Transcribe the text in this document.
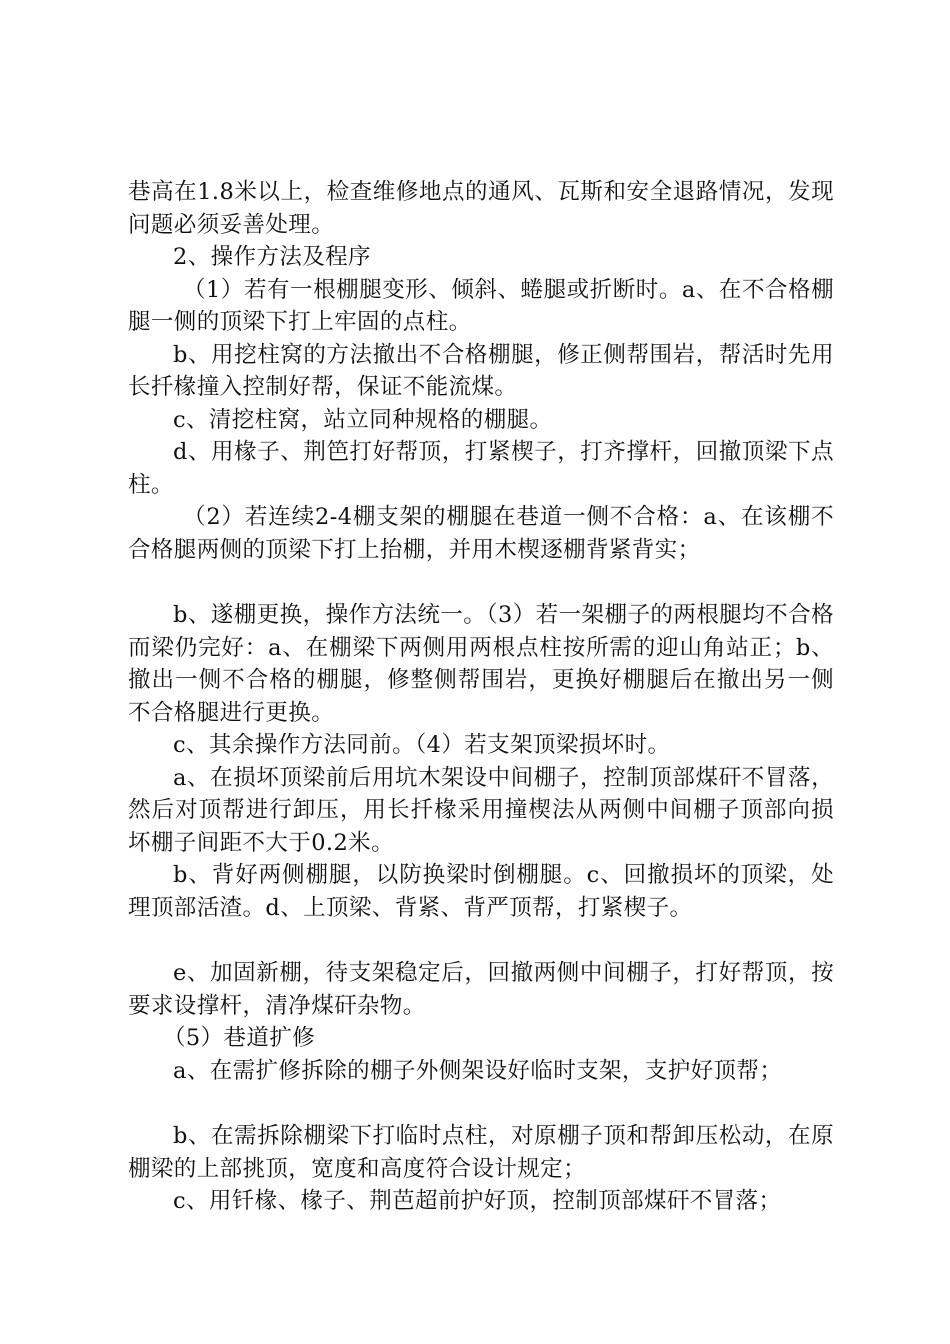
巷高在1.8米以上，检查维修地点的通风、瓦斯和安全退路情况，发现问题必须妥善处理。

2、操作方法及程序

（1）若有一根棚腿变形、倾斜、蜷腿或折断时。a、在不合格棚腿一侧的顶梁下打上牢固的点柱。

b、用挖柱窝的方法撤出不合格棚腿，修正侧帮围岩，帮活时先用长扦椽撞入控制好帮，保证不能流煤。

c、清挖柱窝，站立同种规格的棚腿。

d、用椽子、荆笆打好帮顶，打紧楔子，打齐撑杆，回撤顶梁下点柱。

（2）若连续2-4棚支架的棚腿在巷道一侧不合格：a、在该棚不合格腿两侧的顶梁下打上抬棚，并用木楔逐棚背紧背实；

b、遂棚更换，操作方法统一。（3）若一架棚子的两根腿均不合格而梁仍完好：a、在棚梁下两侧用两根点柱按所需的迎山角站正；b、撤出一侧不合格的棚腿，修整侧帮围岩，更换好棚腿后在撤出另一侧不合格腿进行更换。

c、其余操作方法同前。（4）若支架顶梁损坏时。

a、在损坏顶梁前后用坑木架设中间棚子，控制顶部煤矸不冒落，然后对顶帮进行卸压，用长扦椽采用撞楔法从两侧中间棚子顶部向损坏棚子间距不大于0.2米。

b、背好两侧棚腿，以防换梁时倒棚腿。c、回撤损坏的顶梁，处理顶部活渣。d、上顶梁、背紧、背严顶帮，打紧楔子。

e、加固新棚，待支架稳定后，回撤两侧中间棚子，打好帮顶，按要求设撑杆，清净煤矸杂物。

（5）巷道扩修

a、在需扩修拆除的棚子外侧架设好临时支架，支护好顶帮；

b、在需拆除棚梁下打临时点柱，对原棚子顶和帮卸压松动，在原棚梁的上部挑顶，宽度和高度符合设计规定；

c、用钎椽、椽子、荆芭超前护好顶，控制顶部煤矸不冒落；
